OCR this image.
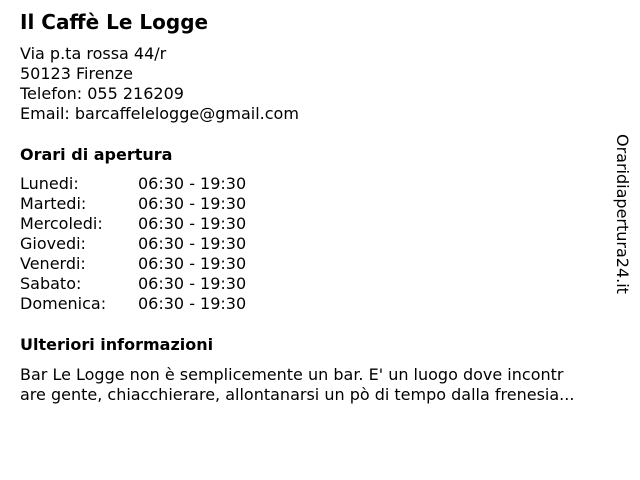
Il Caffè Le Logge
Via p.ta rossa 44/r
50123 Firenze
Telefon: 055 216209
Email: barcaffelelogge@gmail.com
Orari di apertura
Lunedi:	06:30 - 19:30
Martedi:	06:30 - 19:30
Mercoledi: 06:30 - 19:30
Giovedi:	06:30 - 19:30
Venerdi:	06:30 - 19:30
Sabato:	06:30 - 19:30
Domenica: 06:30 - 19:30
Ulteriori informazioni
Bar Le Logge non è semplicemente un bar. E' un luogo dove incontr
are gente, chiacchierare, allontanarsi un pò di tempo dalla frenesia...
Oraridiapertura24.it
